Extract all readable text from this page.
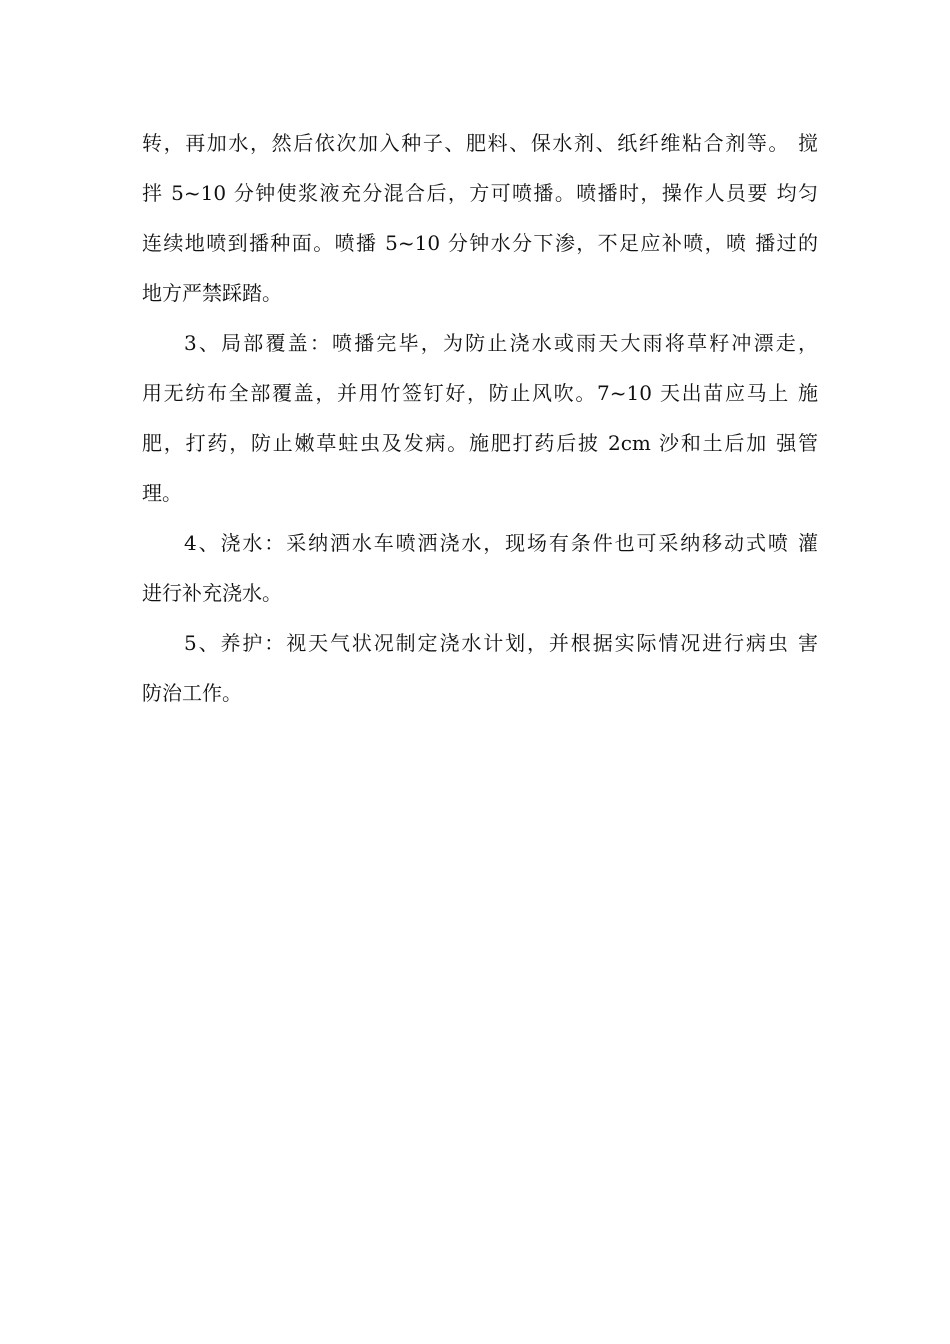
转，再加水，然后依次加入种子、肥料、保水剂、纸纤维粘合剂等。 搅
拌 5~10 分钟使浆液充分混合后，方可喷播。喷播时，操作人员要 均匀
连续地喷到播种面。喷播 5~10 分钟水分下渗，不足应补喷，喷 播过的
地方严禁踩踏。
3、局部覆盖：喷播完毕，为防止浇水或雨天大雨将草籽冲漂走，
用无纺布全部覆盖，并用竹签钉好，防止风吹。7~10 天出苗应马上 施
肥，打药，防止嫩草蛀虫及发病。施肥打药后披 2cm 沙和土后加 强管
理。
4、浇水：采纳洒水车喷洒浇水，现场有条件也可采纳移动式喷 灌
进行补充浇水。
5、养护：视天气状况制定浇水计划，并根据实际情况进行病虫 害
防治工作。
